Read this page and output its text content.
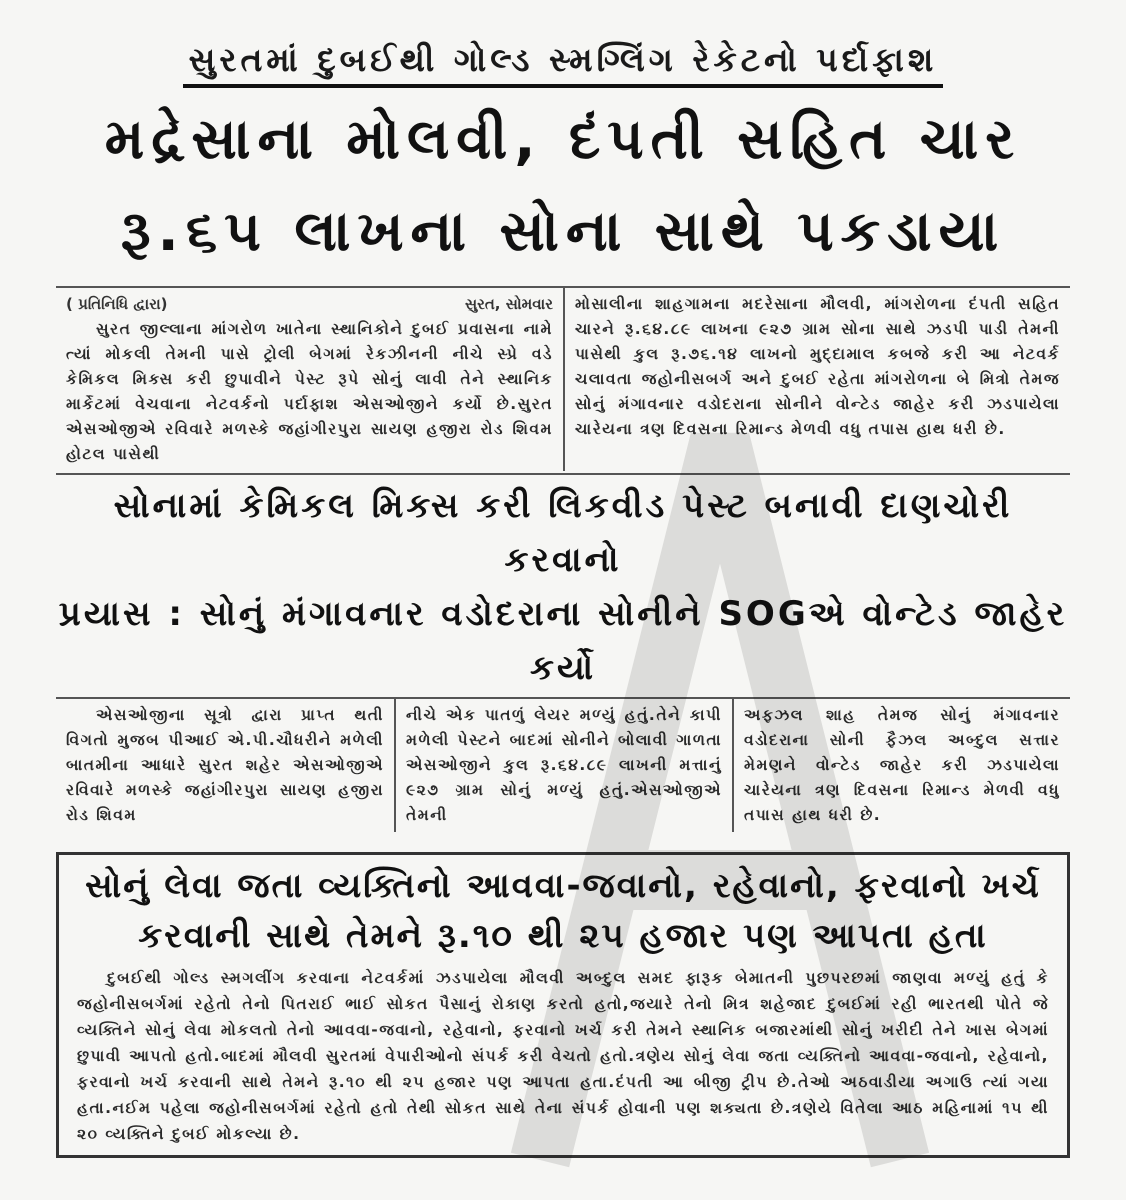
સુરતમાં દુબઈથી ગોલ્ડ સ્મગ્લિંગ રેકેટનો પર્દાફાશ

મદ્રેસાના મોલવી, દંપતી સહિત ચાર

રૂ.૬૫ લાખના સોના સાથે પકડાયા

( પ્રતિનિધિ દ્વારા)	સુરત, સોમવાર

સુરત જીલ્લાના માંગરોળ ખાતેના સ્થાનિકોને દુબઈ પ્રવાસના નામે ત્યાં મોકલી તેમની પાસે ટ્રોલી બેગમાં રેકઝીનની નીચે સ્પ્રે વડે કેમિકલ મિક્સ કરી છુપાવીને પેસ્ટ રૂપે સોનું લાવી તેને સ્થાનિક માર્કેટમાં વેચવાના નેટવર્કનો પર્દાફાશ એસઓજીને કર્યો છે.સુરત એસઓજીએ રવિવારે મળસ્કે જહાંગીરપુરા સાયણ હજીરા રોડ શિવમ હોટલ પાસેથી

મોસાલીના શાહગામના મદરેસાના મૌલવી, માંગરોળના દંપતી સહિત ચારને રૂ.૬૪.૮૯ લાખના ૯૨૭ ગ્રામ સોના સાથે ઝડપી પાડી તેમની પાસેથી કુલ રૂ.૭૬.૧૪ લાખનો મુદ્દામાલ કબજે કરી આ નેટવર્ક ચલાવતા જહોનીસબર્ગ અને દુબઈ રહેતા માંગરોળના બે મિત્રો તેમજ સોનું મંગાવનાર વડોદરાના સોનીને વોન્ટેડ જાહેર કરી ઝડપાયેલા ચારેયના ત્રણ દિવસના રિમાન્ડ મેળવી વધુ તપાસ હાથ ધરી છે.

સોનામાં કેમિકલ મિક્સ કરી લિકવીડ પેસ્ટ બનાવી દાણચોરી કરવાનો

પ્રયાસ : સોનું મંગાવનાર વડોદરાના સોનીને SOGએ વોન્ટેડ જાહેર કર્યો

એસઓજીના સૂત્રો દ્વારા પ્રાપ્ત થતી વિગતો મુજબ પીઆઈ એ.પી.ચૌધરીને મળેલી બાતમીના આધારે સુરત શહેર એસઓજીએ રવિવારે મળસ્કે જહાંગીરપુરા સાયણ હજીરા રોડ શિવમ

નીચે એક પાતળું લેયર મળ્યું હતું.તેને કાપી મળેલી પેસ્ટને બાદમાં સોનીને બોલાવી ગાળતા એસઓજીને કુલ રૂ.૬૪.૮૯ લાખની મત્તાનું ૯૨૭ ગ્રામ સોનું મળ્યું હતું.એસઓજીએ તેમની

અફઝલ શાહ તેમજ સોનું મંગાવનાર વડોદરાના સોની ફૈઝલ અબ્દુલ સત્તાર મેમણને વોન્ટેડ જાહેર કરી ઝડપાયેલા ચારેયના ત્રણ દિવસના રિમાન્ડ મેળવી વધુ તપાસ હાથ ધરી છે.

સોનું લેવા જતા વ્યક્તિનો આવવા-જવાનો, રહેવાનો, ફરવાનો ખર્ચ

કરવાની સાથે તેમને રૂ.૧૦ થી ૨૫ હજાર પણ આપતા હતા

દુબઈથી ગોલ્ડ સ્મગલીંગ કરવાના નેટવર્કમાં ઝડપાયેલા મૌલવી અબ્દુલ સમદ ફારૂક બેમાતની પુછપરછમાં જાણવા મળ્યું હતું કે જહોનીસબર્ગમાં રહેતો તેનો પિતરાઈ ભાઈ સોકત પૈસાનું રોકાણ કરતો હતો,જયારે તેનો મિત્ર શહેજાદ દુબઈમાં રહી ભારતથી પોતે જે વ્યક્તિને સોનું લેવા મોકલતો તેનો આવવા-જવાનો, રહેવાનો, ફરવાનો ખર્ચ કરી તેમને સ્થાનિક બજારમાંથી સોનું ખરીદી તેને ખાસ બેગમાં છુપાવી આપતો હતો.બાદમાં મૌલવી સુરતમાં વેપારીઓનો સંપર્ક કરી વેચતો હતો.ત્રણેય સોનું લેવા જતા વ્યક્તિનો આવવા-જવાનો, રહેવાનો, ફરવાનો ખર્ચ કરવાની સાથે તેમને રૂ.૧૦ થી ૨૫ હજાર પણ આપતા હતા.દંપતી આ બીજી ટ્રીપ છે.તેઓ અઠવાડીયા અગાઉ ત્યાં ગયા હતા.નઈમ પહેલા જહોનીસબર્ગમાં રહેતો હતો તેથી સોકત સાથે તેના સંપર્ક હોવાની પણ શક્યતા છે.ત્રણેયે વિતેલા આઠ મહિનામાં ૧૫ થી ૨૦ વ્યક્તિને દુબઈ મોકલ્યા છે.
